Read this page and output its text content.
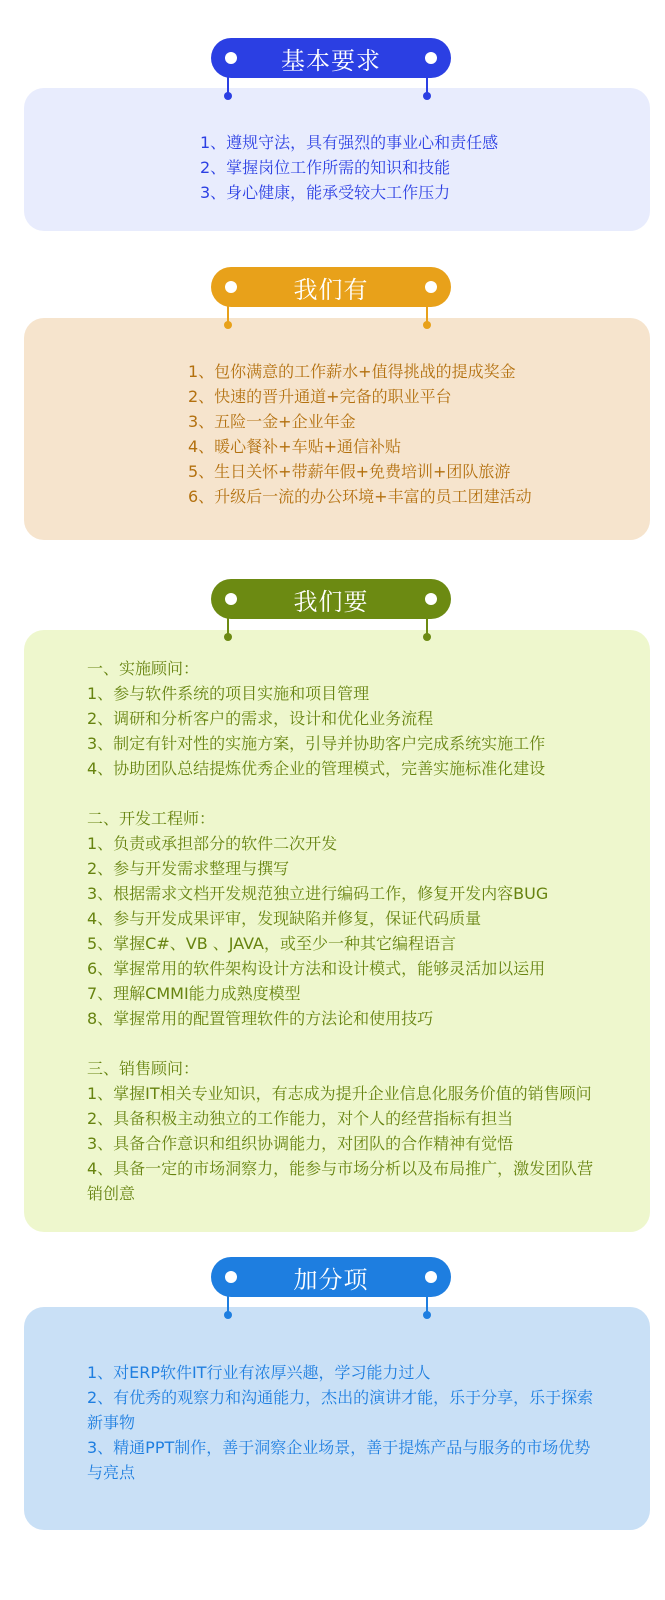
基本要求
1、遵规守法，具有强烈的事业心和责任感
2、掌握岗位工作所需的知识和技能
3、身心健康，能承受较大工作压力
我们有
1、包你满意的工作薪水+值得挑战的提成奖金
2、快速的晋升通道+完备的职业平台
3、五险一金+企业年金
4、暖心餐补+车贴+通信补贴
5、生日关怀+带薪年假+免费培训+团队旅游
6、升级后一流的办公环境+丰富的员工团建活动
我们要
一、实施顾问：
1、参与软件系统的项目实施和项目管理
2、调研和分析客户的需求，设计和优化业务流程
3、制定有针对性的实施方案，引导并协助客户完成系统实施工作
4、协助团队总结提炼优秀企业的管理模式，完善实施标准化建设
二、开发工程师：
1、负责或承担部分的软件二次开发
2、参与开发需求整理与撰写
3、根据需求文档开发规范独立进行编码工作，修复开发内容BUG
4、参与开发成果评审，发现缺陷并修复，保证代码质量
5、掌握C#、VB 、JAVA，或至少一种其它编程语言
6、掌握常用的软件架构设计方法和设计模式，能够灵活加以运用
7、理解CMMI能力成熟度模型
8、掌握常用的配置管理软件的方法论和使用技巧
三、销售顾问：
1、掌握IT相关专业知识，有志成为提升企业信息化服务价值的销售顾问
2、具备积极主动独立的工作能力，对个人的经营指标有担当
3、具备合作意识和组织协调能力，对团队的合作精神有觉悟
4、具备一定的市场洞察力，能参与市场分析以及布局推广，激发团队营
销创意
加分项
1、对ERP软件IT行业有浓厚兴趣，学习能力过人
2、有优秀的观察力和沟通能力，杰出的演讲才能，乐于分享，乐于探索
新事物
3、精通PPT制作，善于洞察企业场景，善于提炼产品与服务的市场优势
与亮点
